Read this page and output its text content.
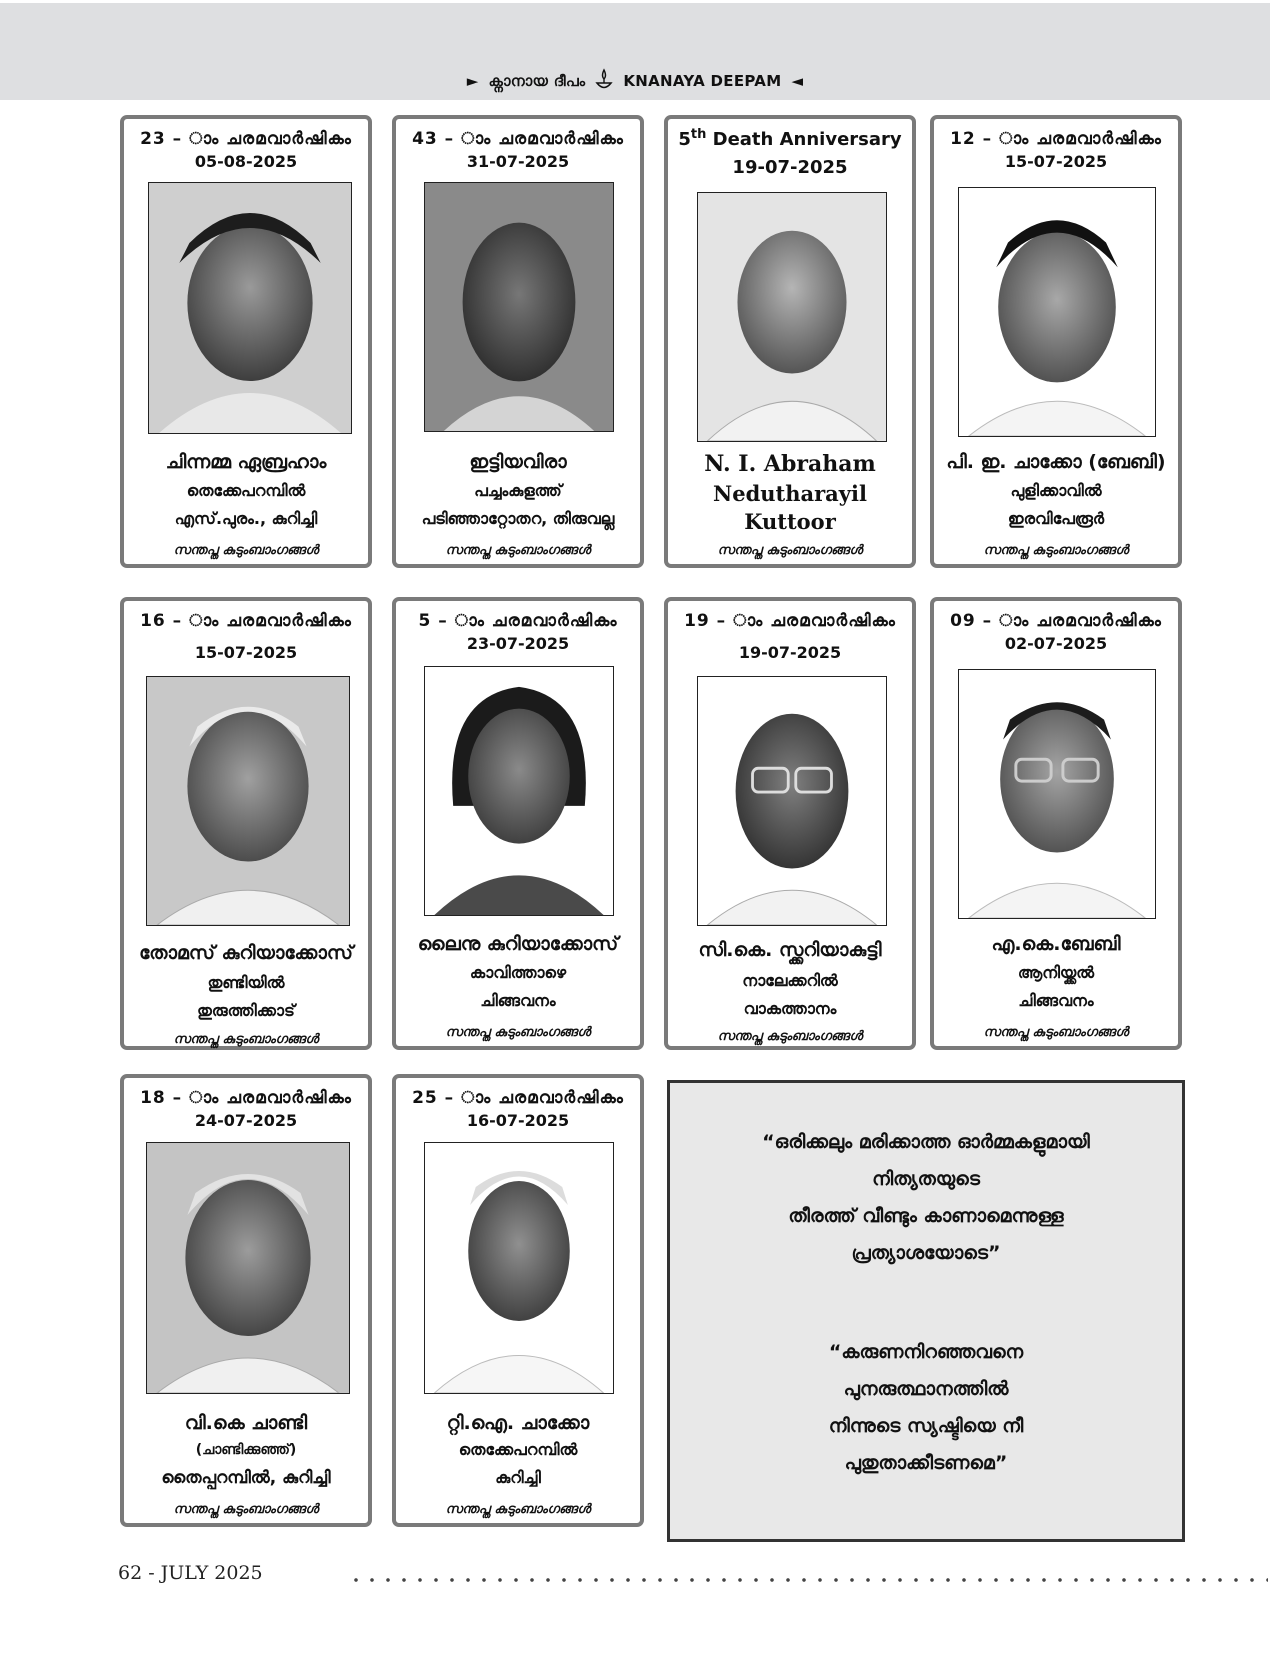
► ക്നാനായ ദീപം	KNANAYA DEEPAM ◄
23 – ാം ചരമവാർഷികം
05-08-2025
ചിന്നമ്മ ഏബ്രഹാം
തെക്കേപറമ്പിൽ
എസ്.പുരം., കുറിച്ചി
സന്തപ്ത കുടുംബാംഗങ്ങൾ
43 – ാം ചരമവാർഷികം
31-07-2025
ഇട്ടിയവിരാ
പച്ചംകുളത്ത്
പടിഞ്ഞാറ്റോതറ, തിരുവല്ല
സന്തപ്ത കുടുംബാംഗങ്ങൾ
5th Death Anniversary
19-07-2025
N. I. Abraham
Nedutharayil
Kuttoor
സന്തപ്ത കുടുംബാംഗങ്ങൾ
12 – ാം ചരമവാർഷികം
15-07-2025
പി. ഇ. ചാക്കോ (ബേബി)
പുളിക്കാവിൽ
ഇരവിപേരൂർ
സന്തപ്ത കുടുംബാംഗങ്ങൾ
16 – ാം ചരമവാർഷികം
15-07-2025
തോമസ് കുറിയാക്കോസ്
തുണ്ടിയിൽ
തുരുത്തിക്കാട്
സന്തപ്ത കുടുംബാംഗങ്ങൾ
5 – ാം ചരമവാർഷികം
23-07-2025
ലൈനു കുറിയാക്കോസ്
കാവിത്താഴെ
ചിങ്ങവനം
സന്തപ്ത കുടുംബാംഗങ്ങൾ
19 – ാം ചരമവാർഷികം
19-07-2025
സി.കെ. സ്ക്കറിയാകുട്ടി
നാലേക്കറിൽ
വാകത്താനം
സന്തപ്ത കുടുംബാംഗങ്ങൾ
09 – ാം ചരമവാർഷികം
02-07-2025
എ.കെ.ബേബി
ആനിയ്ക്കൽ
ചിങ്ങവനം
സന്തപ്ത കുടുംബാംഗങ്ങൾ
18 – ാം ചരമവാർഷികം
24-07-2025
വി.കെ ചാണ്ടി
(ചാണ്ടിക്കുഞ്ഞ്)
തൈപ്പറമ്പിൽ, കുറിച്ചി
സന്തപ്ത കുടുംബാംഗങ്ങൾ
25 – ാം ചരമവാർഷികം
16-07-2025
റ്റി.ഐ. ചാക്കോ
തെക്കേപറമ്പിൽ
കുറിച്ചി
സന്തപ്ത കുടുംബാംഗങ്ങൾ
“ഒരിക്കലും മരിക്കാത്ത ഓർമ്മകളുമായി
നിത്യതയുടെ
തീരത്ത് വീണ്ടും കാണാമെന്നുള്ള
പ്രത്യാശയോടെ”
“കരുണനിറഞ്ഞവനെ
പുനരുത്ഥാനത്തിൽ
നിന്നുടെ സ്യഷ്ടിയെ നീ
പുതുതാക്കീടണമെ”
62 - JULY 2025
